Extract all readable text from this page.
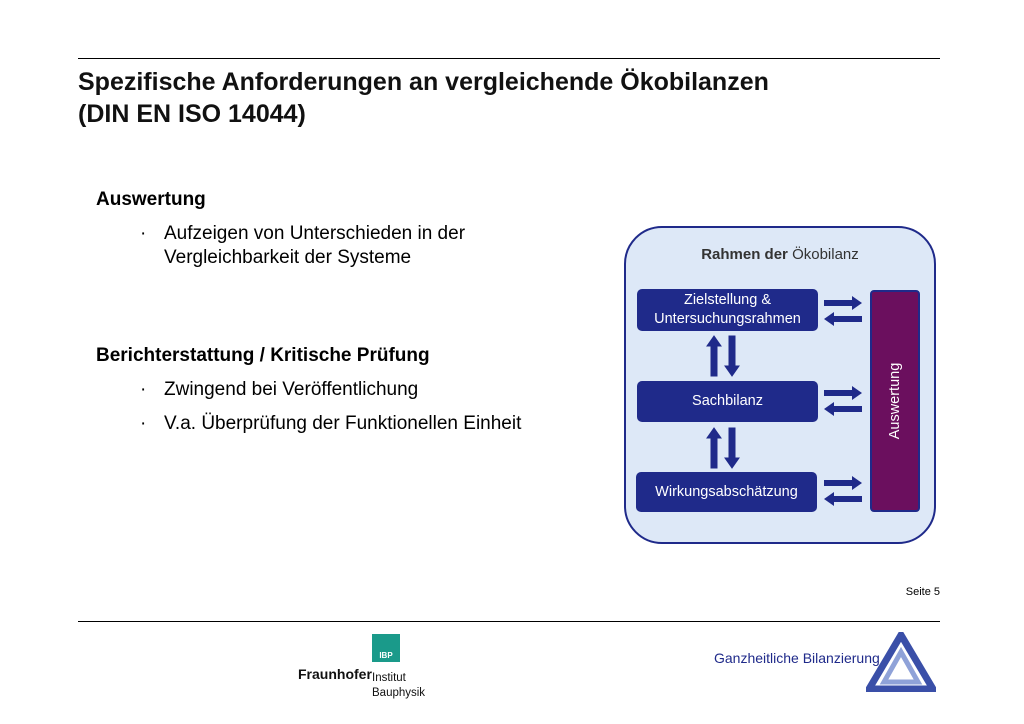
Spezifische Anforderungen an vergleichende Ökobilanzen
(DIN EN ISO 14044)
Auswertung
· Aufzeigen von Unterschieden in der Vergleichbarkeit der Systeme
Berichterstattung / Kritische Prüfung
· Zwingend bei Veröffentlichung
· V.a. Überprüfung der Funktionellen Einheit
Rahmen der Ökobilanz
Zielstellung & Untersuchungsrahmen
Sachbilanz
Wirkungsabschätzung
Auswertung
Seite 5
IBP
Fraunhofer Institut
Bauphysik
Ganzheitliche Bilanzierung
